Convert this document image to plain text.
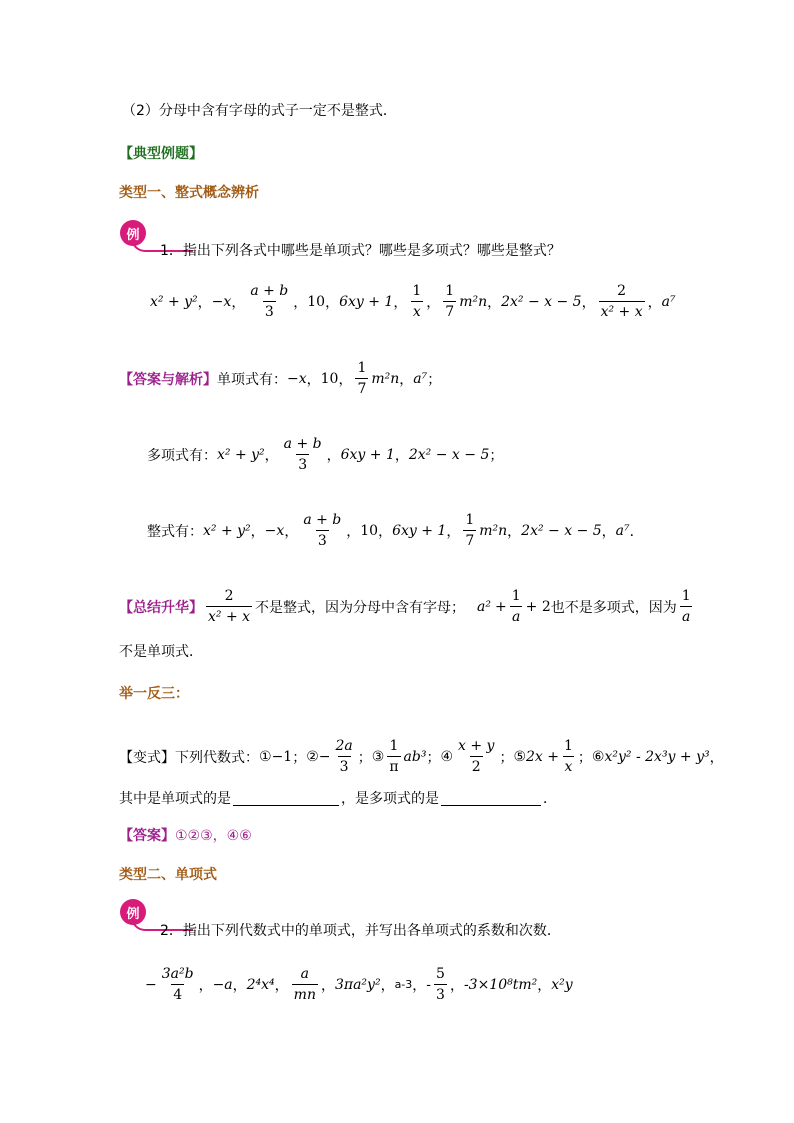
（2）分母中含有字母的式子一定不是整式．
【典型例题】
类型一、整式概念辨析
例
1．指出下列各式中哪些是单项式？哪些是多项式？哪些是整式？
x² + y² ， −x ， $\frac{a + b}{3}$ ， 10 ， 6xy + 1 ， $\frac{1}{x}$ ， $\frac{1}{7} m^2n$ ， 2x² − x − 5 ， $\frac{2}{\text{x² + x}}$ ， a⁷
【答案与解析】 单项式有： −x ， 10 ， $\frac{1}{7} m^2n$ ， a⁷ ；
多项式有： x² + y² ， $\frac{a + b}{3}$ ， 6xy + 1 ， 2x² − x − 5 ；
整式有： x² + y² ， −x ， $\frac{a + b}{3}$ ， 10 ， 6xy + 1 ， $\frac{1}{7} m^2n$ ， 2x² − x − 5 ， a⁷ ．
【总结升华】 $\frac{2}{\text{x² + x}}$ 不是整式，因为分母中含有字母； $a^2 + \frac{1}{a} + 2$ 也不是多项式，因为 $\frac{1}{a}$
不是单项式．
举一反三：
【变式】 下列代数式： ① −1 ； ② − $\frac{2a}{3}$ ； ③ $\frac{1}{\pi} ab^3$ ； ④ $\frac{x + y}{2}$ ； ⑤ $2x + \frac{1}{x}$ ； ⑥ x²y² - 2x³y + y³ ，
其中是单项式的是	，是多项式的是	．
【答案】 ①②③，④⑥
类型二、单项式
例
2．指出下列代数式中的单项式，并写出各单项式的系数和次数．
− $\frac{\text{3a²b}}{4}$ ， −a ， 2⁴x⁴ ， $\frac{a}{mn}$ ， 3πa²y² ， a-3 ， - $\frac{5}{3}$ ， -3×10⁸tm² ， x²y
